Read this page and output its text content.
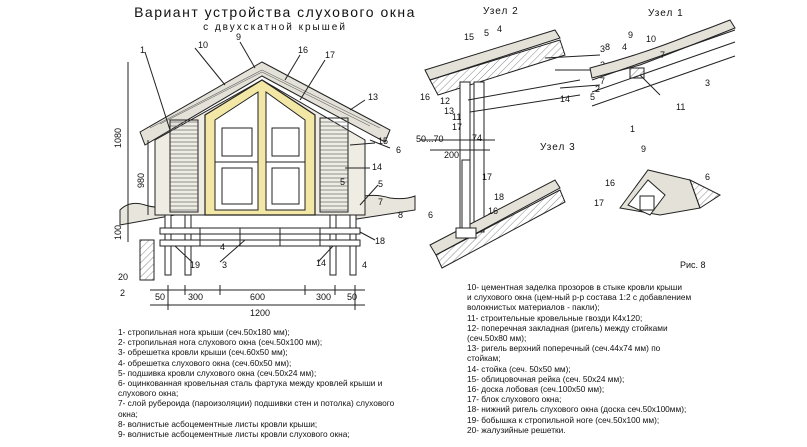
Вариант устройства слухового окна
с двухскатной крышей
1	10
9
16 17
13
15
14
6
5
7
8
18
19 3
2
14
4
20
1080
980
100
50	300	600	300 50
1200
Узел 2
15 5 4
3
7
16 12
13
14
11
17
50...70	74
200
Узел 1
8
9
4
10
7
1
2
3
11
5
Узел 3
17
18
6	16
9
16
17
6
Рис. 8
1- стропильная нога крыши (сеч.50х180 мм);
2- стропильная нога слухового окна (сеч.50х100 мм);
3- обрешетка кровли крыши (сеч.60х50 мм);
4- обрешетка слухового окна (сеч.60х50 мм);
5- подшивка кровли слухового окна (сеч.50х24 мм);
6- оцинкованная кровельная сталь фартука между кровлей крыши и
слухового окна;
7- слой рубероида (пароизоляции) подшивки стен и потолка) слухового
окна;
8- волнистые асбоцементные листы кровли крыши;
9- волнистые асбоцементные листы кровли слухового окна;
10- цементная заделка прозоров в стыке кровли крыши
и слухового окна (цем-ный р-р состава 1:2 с добавлением
волокнистых материалов - пакли);
11- строительные кровельные гвозди К4х120;
12- поперечная закладная (ригель) между стойками
(сеч.50х80 мм);
13- ригель верхний поперечный (сеч.44х74 мм) по
стойкам;
14- стойка (сеч. 50х50 мм);
15- облицовочная рейка (сеч. 50х24 мм);
16- доска лобовая (сеч.100х50 мм);
17- блок слухового окна;
18- нижний ригель слухового окна (доска сеч.50х100мм);
19- бобышка к стропильной ноге (сеч.50х100 мм);
20- жалузийные решетки.
4
5
